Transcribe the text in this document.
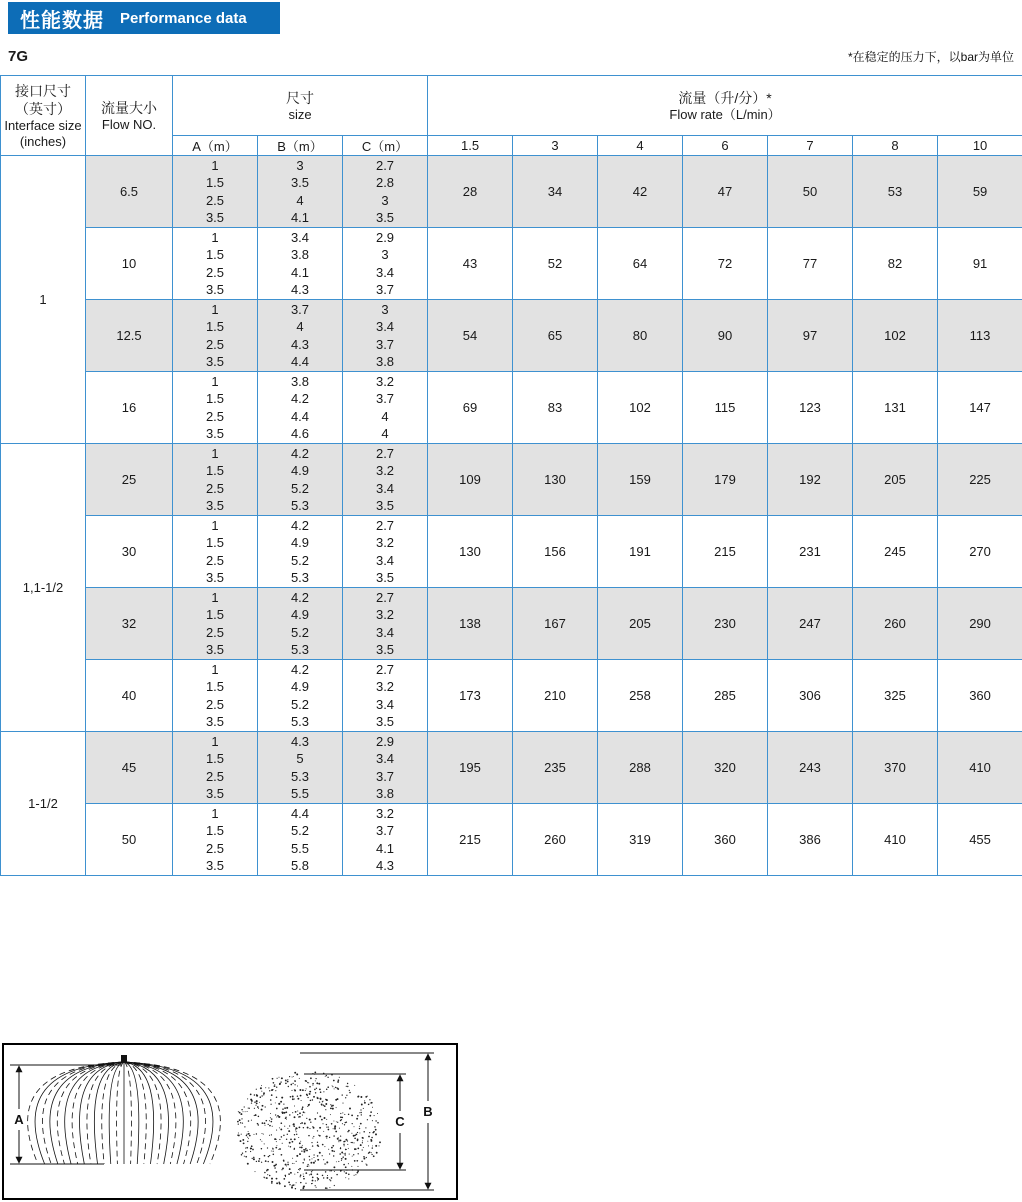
性能数据 Performance data
7G	*在稳定的压力下，以bar为单位
接口尺寸
（英寸）
Interface size
(inches)

流量大小
Flow NO.

尺寸
size

流量（升/分）*
Flow rate（L/min）

		A（m）	B（m）	C（m）	1.5	3	4	6	7	8	10
1	6.5	
1
1.5
2.5
3.5

3
3.5
4
4.1

2.7
2.8
3
3.5
	28	34	42	47	50	53	59
10	
1
1.5
2.5
3.5

3.4
3.8
4.1
4.3

2.9
3
3.4
3.7
	43	52	64	72	77	82	91
12.5	
1
1.5
2.5
3.5

3.7
4
4.3
4.4

3
3.4
3.7
3.8
	54	65	80	90	97	102	113
16	
1
1.5
2.5
3.5

3.8
4.2
4.4
4.6

3.2
3.7
4
4
	69	83	102	115	123	131	147
1,1-1/2	25	
1
1.5
2.5
3.5

4.2
4.9
5.2
5.3

2.7
3.2
3.4
3.5
	109	130	159	179	192	205	225
30	
1
1.5
2.5
3.5

4.2
4.9
5.2
5.3

2.7
3.2
3.4
3.5
	130	156	191	215	231	245	270
32	
1
1.5
2.5
3.5

4.2
4.9
5.2
5.3

2.7
3.2
3.4
3.5
	138	167	205	230	247	260	290
40	
1
1.5
2.5
3.5

4.2
4.9
5.2
5.3

2.7
3.2
3.4
3.5
	173	210	258	285	306	325	360
1-1/2	45	
1
1.5
2.5
3.5

4.3
5
5.3
5.5

2.9
3.4
3.7
3.8
	195	235	288	320	243	370	410
50	
1
1.5
2.5
3.5

4.4
5.2
5.5
5.8

3.2
3.7
4.1
4.3
	215	260	319	360	386	410	455
A	C
B
